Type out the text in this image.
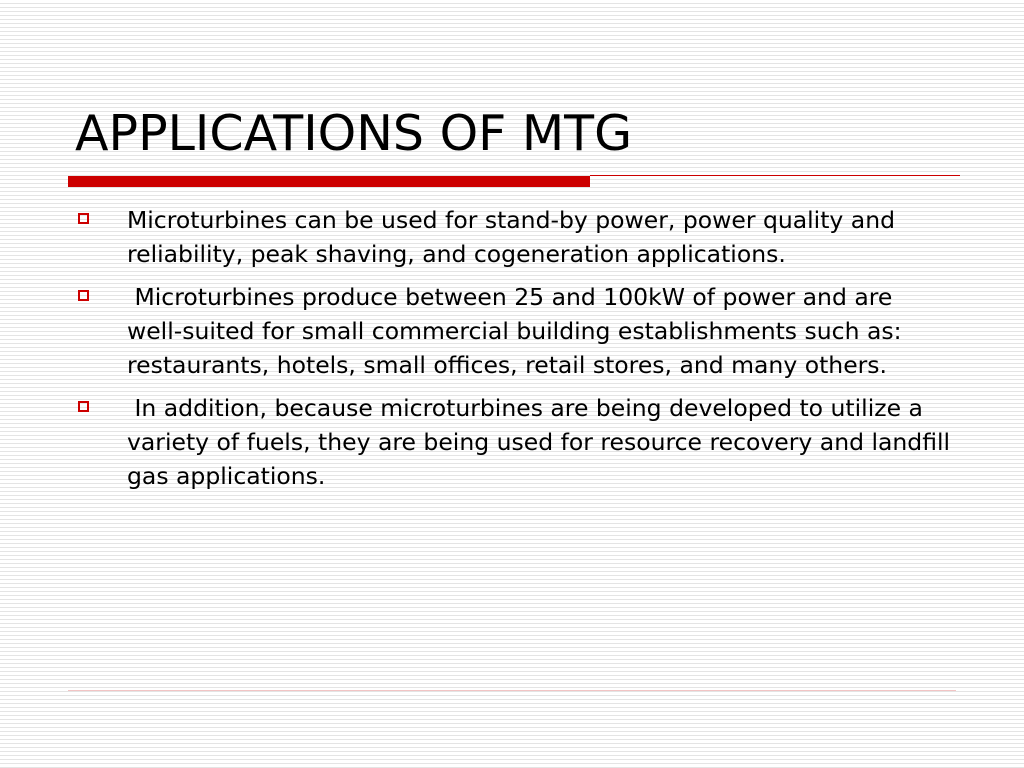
APPLICATIONS OF MTG
Microturbines can be used for stand-by power, power quality and reliability, peak shaving, and cogeneration applications.
Microturbines produce between 25 and 100kW of power and are well-suited for small commercial building establishments such as: restaurants, hotels, small offices, retail stores, and many others.
In addition, because microturbines are being developed to utilize a variety of fuels, they are being used for resource recovery and landfill gas applications.
